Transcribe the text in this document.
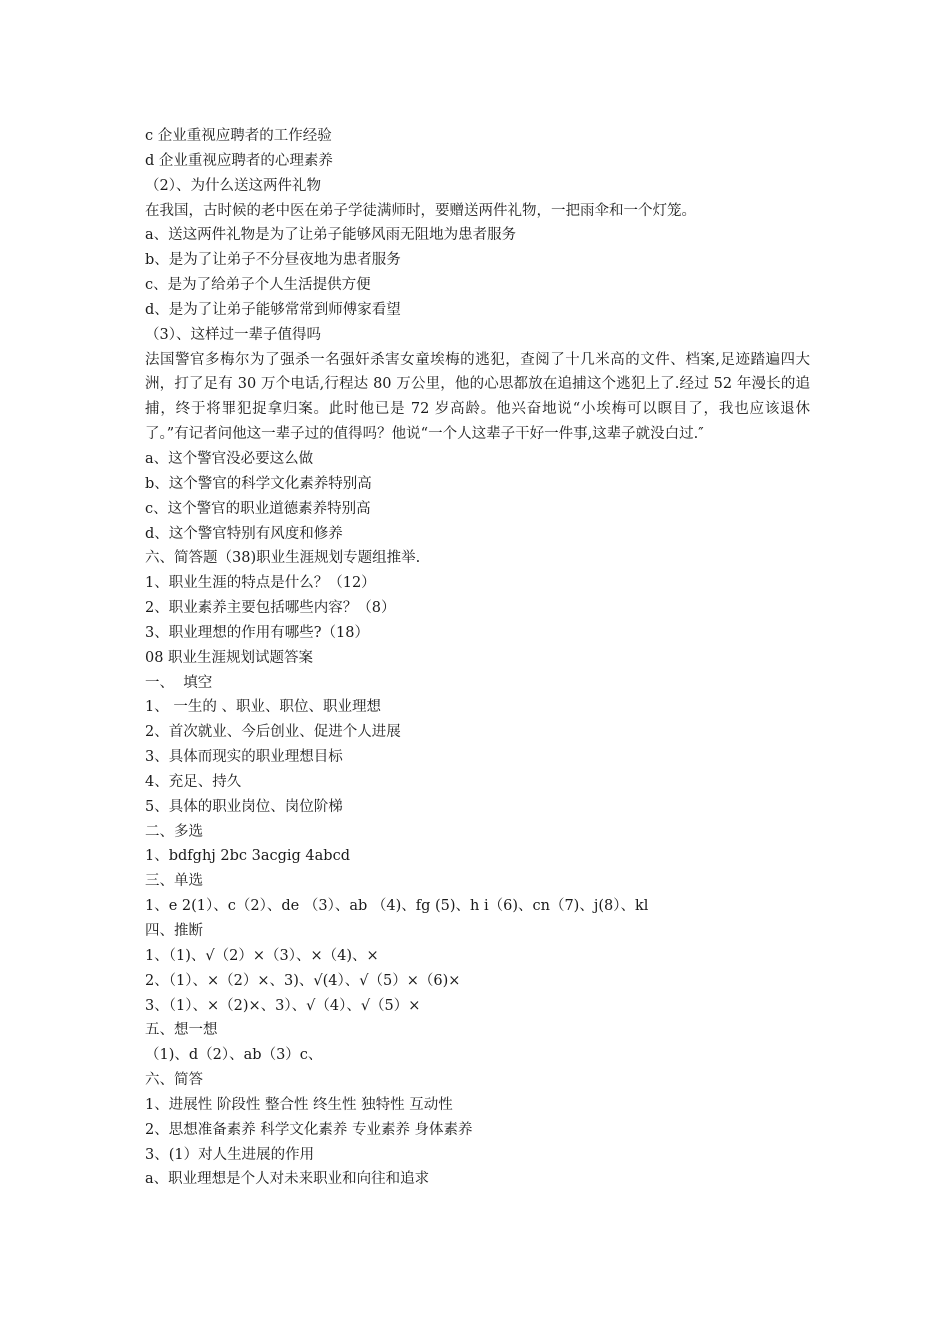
c 企业重视应聘者的工作经验
d 企业重视应聘者的心理素养
（2）、为什么送这两件礼物
在我国，古时候的老中医在弟子学徒满师时，要赠送两件礼物，一把雨伞和一个灯笼。
a、送这两件礼物是为了让弟子能够风雨无阻地为患者服务
b、是为了让弟子不分昼夜地为患者服务
c、是为了给弟子个人生活提供方便
d、是为了让弟子能够常常到师傅家看望
（3）、这样过一辈子值得吗
法国警官多梅尔为了强杀一名强奸杀害女童埃梅的逃犯，查阅了十几米高的文件、档案,足迹踏遍四大洲，打了足有 30 万个电话,行程达 80 万公里，他的心思都放在追捕这个逃犯上了.经过 52 年漫长的追捕，终于将罪犯捉拿归案。此时他已是 72 岁高龄。他兴奋地说“小埃梅可以瞑目了，我也应该退休了。”有记者问他这一辈子过的值得吗？他说“一个人这辈子干好一件事,这辈子就没白过.″
a、这个警官没必要这么做
b、这个警官的科学文化素养特别高
c、这个警官的职业道德素养特别高
d、这个警官特别有风度和修养
六、简答题（38)职业生涯规划专题组推举.
1、职业生涯的特点是什么？（12）
2、职业素养主要包括哪些内容？（8）
3、职业理想的作用有哪些?（18）
08 职业生涯规划试题答案
一、  填空
1、 一生的 、职业、职位、职业理想
2、首次就业、今后创业、促进个人进展
3、具体而现实的职业理想目标
4、充足、持久
5、具体的职业岗位、岗位阶梯
二、多选
1、bdfghj 2bc 3acgig 4abcd
三、单选
1、e 2(1）、c（2）、de （3）、ab （4)、fg (5)、h i（6)、cn（7)、j(8）、kl
四、推断
1、（1)、√（2）×（3）、×（4)、×
2、（1）、×（2）×、3)、√(4）、√（5）×（6)×
3、（1）、×（2)×、3）、√（4）、√（5）×
五、想一想
（1)、d（2）、ab（3）c、
六、简答
1、进展性 阶段性 整合性 终生性 独特性 互动性
2、思想准备素养 科学文化素养 专业素养 身体素养
3、(1）对人生进展的作用
a、职业理想是个人对未来职业和向往和追求
